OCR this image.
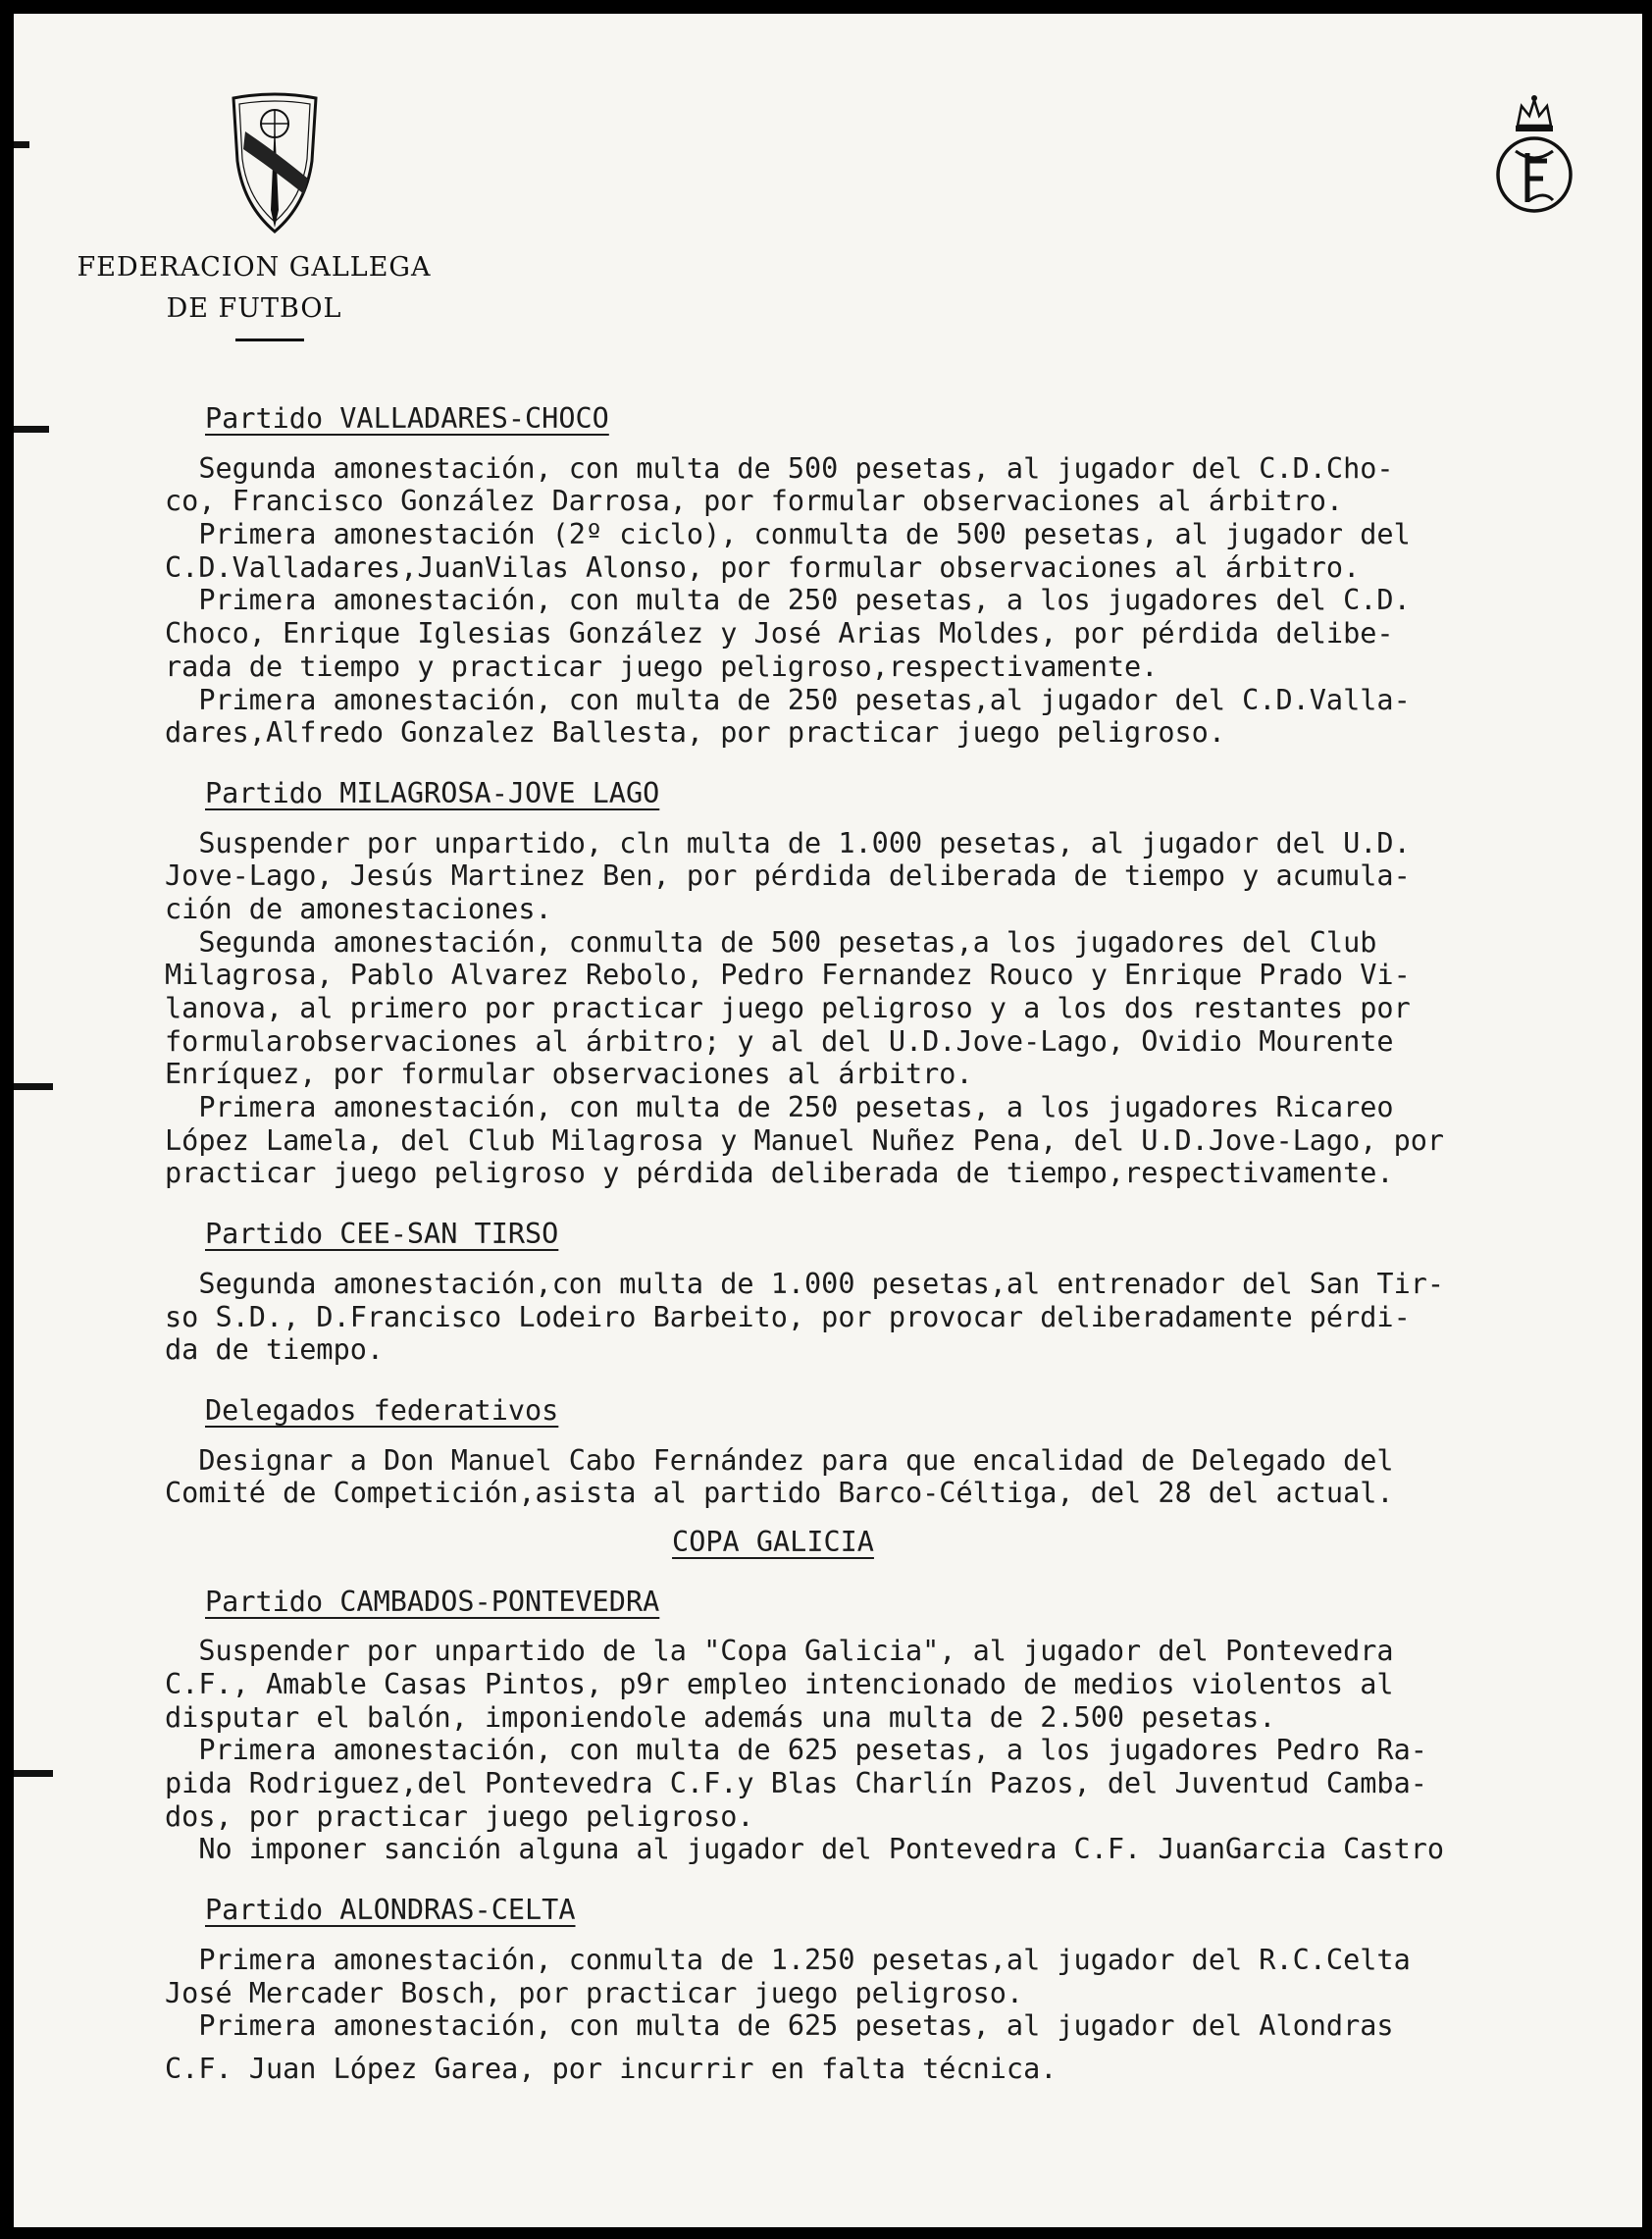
FEDERACION GALLEGA
DE FUTBOL
Partido VALLADARES-CHOCO
Segunda amonestación, con multa de 500 pesetas, al jugador del C.D.Cho-
co, Francisco González Darrosa, por formular observaciones al árbitro.
Primera amonestación (2º ciclo), conmulta de 500 pesetas, al jugador del
C.D.Valladares,JuanVilas Alonso, por formular observaciones al árbitro.
Primera amonestación, con multa de 250 pesetas, a los jugadores del C.D.
Choco, Enrique Iglesias González y José Arias Moldes, por pérdida delibe-
rada de tiempo y practicar juego peligroso,respectivamente.
Primera amonestación, con multa de 250 pesetas,al jugador del C.D.Valla-
dares,Alfredo Gonzalez Ballesta, por practicar juego peligroso.
Partido MILAGROSA-JOVE LAGO
Suspender por unpartido, cln multa de 1.000 pesetas, al jugador del U.D.
Jove-Lago, Jesús Martinez Ben, por pérdida deliberada de tiempo y acumula-
ción de amonestaciones.
Segunda amonestación, conmulta de 500 pesetas,a los jugadores del Club
Milagrosa, Pablo Alvarez Rebolo, Pedro Fernandez Rouco y Enrique Prado Vi-
lanova, al primero por practicar juego peligroso y a los dos restantes por
formularobservaciones al árbitro; y al del U.D.Jove-Lago, Ovidio Mourente
Enríquez, por formular observaciones al árbitro.
Primera amonestación, con multa de 250 pesetas, a los jugadores Ricareo
López Lamela, del Club Milagrosa y Manuel Nuñez Pena, del U.D.Jove-Lago, por
practicar juego peligroso y pérdida deliberada de tiempo,respectivamente.
Partido CEE-SAN TIRSO
Segunda amonestación,con multa de 1.000 pesetas,al entrenador del San Tir-
so S.D., D.Francisco Lodeiro Barbeito, por provocar deliberadamente pérdi-
da de tiempo.
Delegados federativos
Designar a Don Manuel Cabo Fernández para que encalidad de Delegado del
Comité de Competición,asista al partido Barco-Céltiga, del 28 del actual.
COPA GALICIA
Partido CAMBADOS-PONTEVEDRA
Suspender por unpartido de la "Copa Galicia", al jugador del Pontevedra
C.F., Amable Casas Pintos, p9r empleo intencionado de medios violentos al
disputar el balón, imponiendole además una multa de 2.500 pesetas.
Primera amonestación, con multa de 625 pesetas, a los jugadores Pedro Ra-
pida Rodriguez,del Pontevedra C.F.y Blas Charlín Pazos, del Juventud Camba-
dos, por practicar juego peligroso.
No imponer sanción alguna al jugador del Pontevedra C.F. JuanGarcia Castro
Partido ALONDRAS-CELTA
Primera amonestación, conmulta de 1.250 pesetas,al jugador del R.C.Celta
José Mercader Bosch, por practicar juego peligroso.
Primera amonestación, con multa de 625 pesetas, al jugador del Alondras
C.F. Juan López Garea, por incurrir en falta técnica.
